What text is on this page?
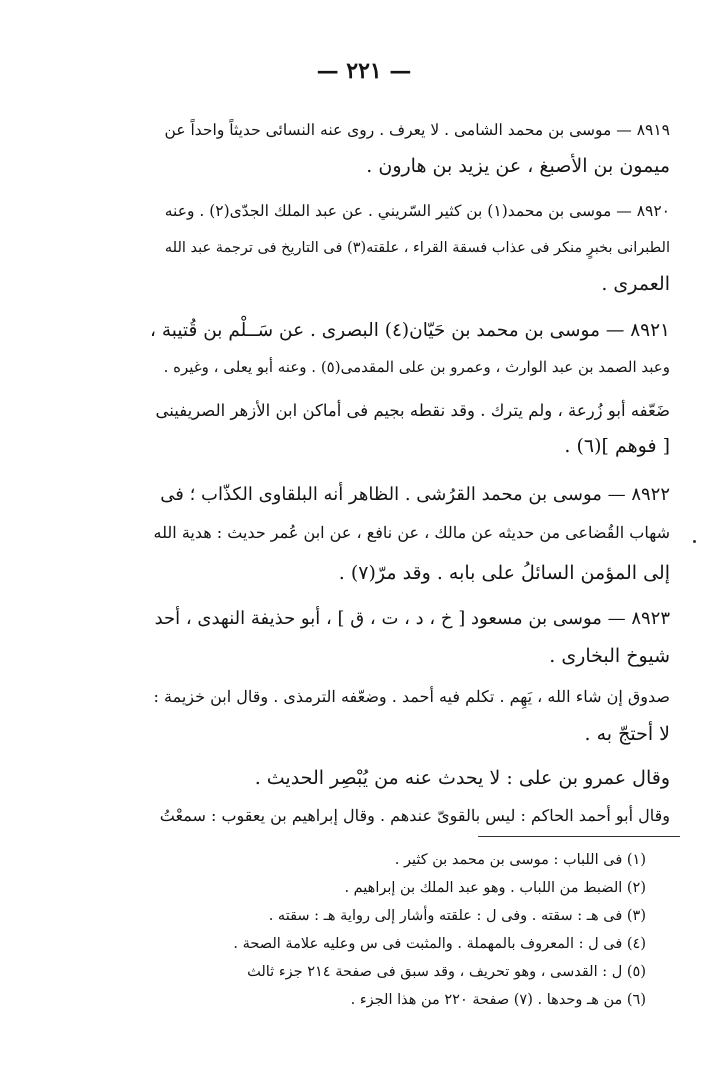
— ٢٢١ —
٨٩١٩ — موسى بن محمد الشامى . لا يعرف . روى عنه النسائى حديثاً واحداً عن
ميمون بن الأصبغ ، عن يزيد بن هارون .
٨٩٢٠ — موسى بن محمد(١) بن كثير السّريني . عن عبد الملك الجدّى(٢) . وعنه
الطبرانى بخبرٍ منكر فى عذاب فسقة القراء ، علقته(٣) فى التاريخ فى ترجمة عبد الله
العمرى .
٨٩٢١ — موسى بن محمد بن حَيّان(٤) البصرى . عن سَــلْم بن قُتيبة ،
وعبد الصمد بن عبد الوارث ، وعمرو بن على المقدمى(٥) . وعنه أبو يعلى ، وغيره .
ضَعّفه أبو زُرعة ، ولم يترك . وقد نقطه بجيم فى أماكن ابن الأزهر الصريفينى
[ فوهم ](٦) .
٨٩٢٢ — موسى بن محمد القرُشى . الظاهر أنه البلقاوى الكذّاب ؛ فى
شهاب القُضاعى من حديثه عن مالك ، عن نافع ، عن ابن عُمر حديث : هدية الله
إلى المؤمن السائلُ على بابه . وقد مرّ(٧) .
٨٩٢٣ — موسى بن مسعود [ خ ، د ، ت ، ق ] ، أبو حذيفة النهدى ، أحد
شيوخ البخارى .
صدوق إن شاء الله ، يَهِم . تكلم فيه أحمد . وضعّفه الترمذى . وقال ابن خزيمة :
لا أحتجّ به .
وقال عمرو بن على : لا يحدث عنه من يُبْصِر الحديث .
وقال أبو أحمد الحاكم : ليس بالقوىّ عندهم . وقال إبراهيم بن يعقوب : سمعْتُ
(١) فى اللباب : موسى بن محمد بن كثير .
(٢) الضبط من اللباب . وهو عبد الملك بن إبراهيم .
(٣) فى هـ : سقته . وفى ل : علقته وأشار إلى رواية هـ : سقته .
(٤) فى ل : المعروف بالمهملة . والمثبت فى س وعليه علامة الصحة .
(٥) ل : القدسى ، وهو تحريف ، وقد سبق فى صفحة ٢١٤ جزء ثالث
(٦) من هـ وحدها . (٧) صفحة ٢٢٠ من هذا الجزء .
